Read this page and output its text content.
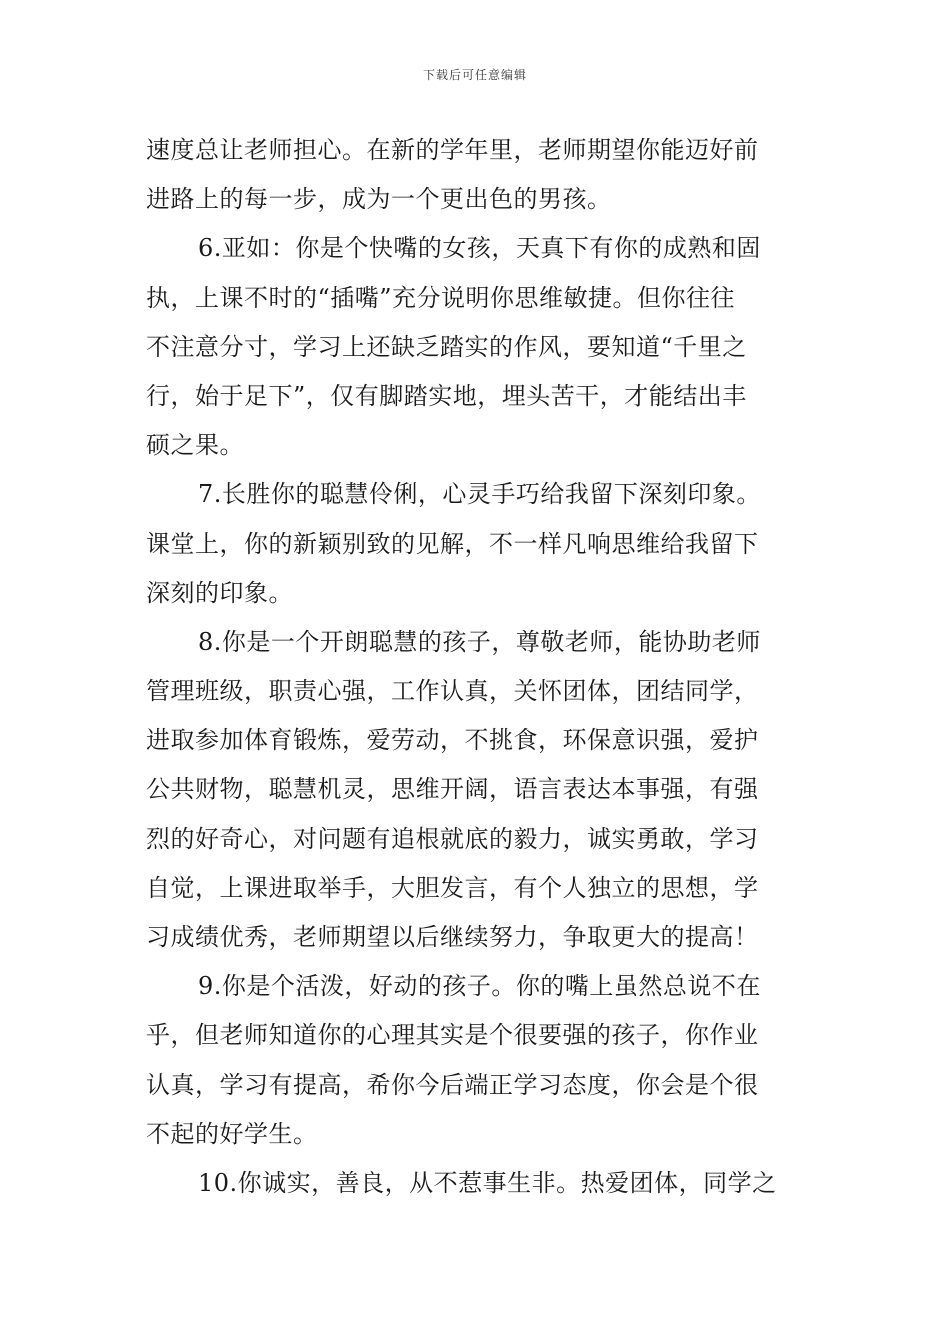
下载后可任意编辑
速度总让老师担心。在新的学年里，老师期望你能迈好前
进路上的每一步，成为一个更出色的男孩。
6.亚如：你是个快嘴的女孩，天真下有你的成熟和固
执，上课不时的“插嘴”充分说明你思维敏捷。但你往往
不注意分寸，学习上还缺乏踏实的作风，要知道“千里之
行，始于足下”，仅有脚踏实地，埋头苦干，才能结出丰
硕之果。
7.长胜你的聪慧伶俐，心灵手巧给我留下深刻印象。
课堂上，你的新颖别致的见解，不一样凡响思维给我留下
深刻的印象。
8.你是一个开朗聪慧的孩子，尊敬老师，能协助老师
管理班级，职责心强，工作认真，关怀团体，团结同学，
进取参加体育锻炼，爱劳动，不挑食，环保意识强，爱护
公共财物，聪慧机灵，思维开阔，语言表达本事强，有强
烈的好奇心，对问题有追根就底的毅力，诚实勇敢，学习
自觉，上课进取举手，大胆发言，有个人独立的思想，学
习成绩优秀，老师期望以后继续努力，争取更大的提高！
9.你是个活泼，好动的孩子。你的嘴上虽然总说不在
乎，但老师知道你的心理其实是个很要强的孩子，你作业
认真，学习有提高，希你今后端正学习态度，你会是个很
不起的好学生。
10.你诚实，善良，从不惹事生非。热爱团体，同学之
